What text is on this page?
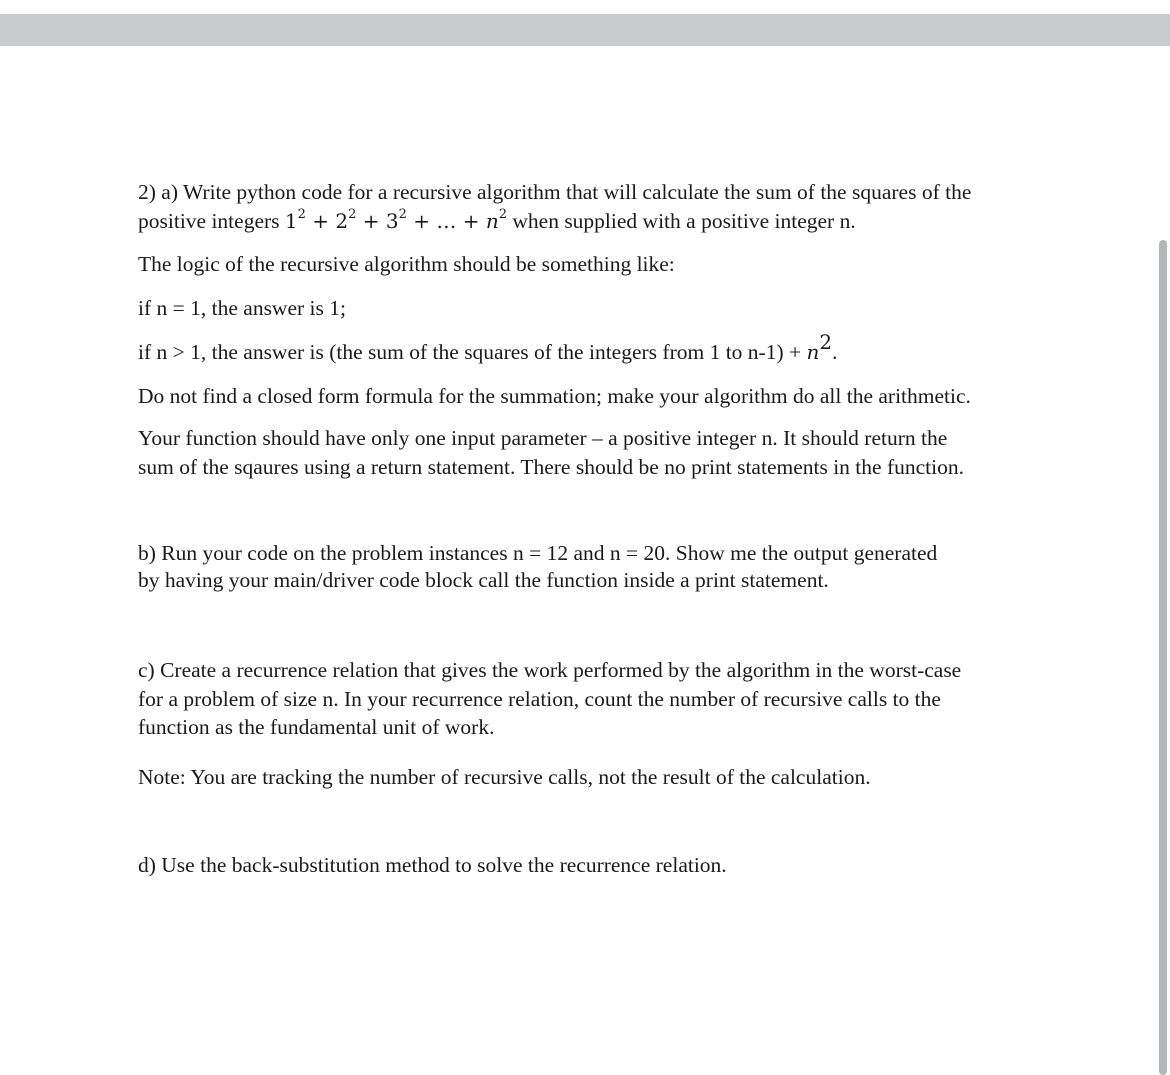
2) a) Write python code for a recursive algorithm that will calculate the sum of the squares of the
positive integers $1^2 + 2^2 + 3^2$ + … + $n^2$ when supplied with a positive integer n.

The logic of the recursive algorithm should be something like:

if n = 1, the answer is 1;

if n > 1, the answer is (the sum of the squares of the integers from 1 to $n-1) + n^2$.

Do not find a closed form formula for the summation; make your algorithm do all the arithmetic.

Your function should have only one input parameter – a positive integer n. It should return the
sum of the sqaures using a return statement. There should be no print statements in the function.

b) Run your code on the problem instances n = 12 and n = 20. Show me the output generated
by having your main/driver code block call the function inside a print statement.

c) Create a recurrence relation that gives the work performed by the algorithm in the worst-case
for a problem of size n. In your recurrence relation, count the number of recursive calls to the
function as the fundamental unit of work.

Note: You are tracking the number of recursive calls, not the result of the calculation.

d) Use the back-substitution method to solve the recurrence relation.
